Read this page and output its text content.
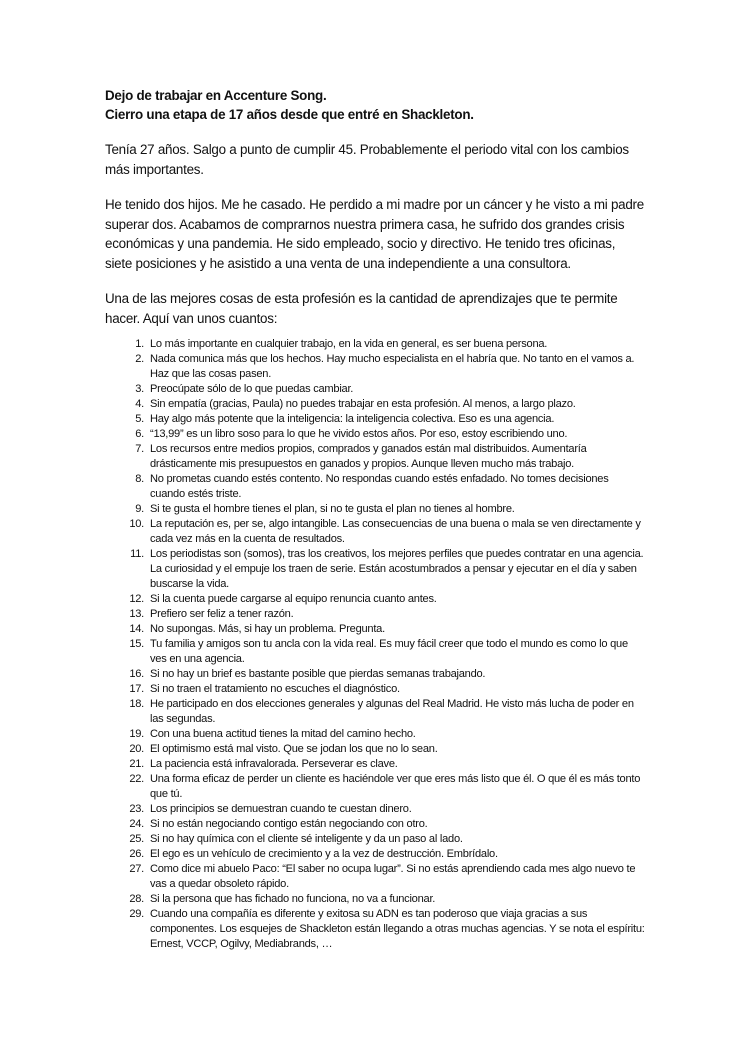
Dejo de trabajar en Accenture Song.

Cierro una etapa de 17 años desde que entré en Shackleton.

Tenía 27 años. Salgo a punto de cumplir 45. Probablemente el periodo vital con los cambios más importantes.

He tenido dos hijos. Me he casado. He perdido a mi madre por un cáncer y he visto a mi padre superar dos. Acabamos de comprarnos nuestra primera casa, he sufrido dos grandes crisis económicas y una pandemia. He sido empleado, socio y directivo. He tenido tres oficinas, siete posiciones y he asistido a una venta de una independiente a una consultora.

Una de las mejores cosas de esta profesión es la cantidad de aprendizajes que te permite hacer. Aquí van unos cuantos:

1. Lo más importante en cualquier trabajo, en la vida en general, es ser buena persona.
2. Nada comunica más que los hechos. Hay mucho especialista en el habría que. No tanto en el vamos a. Haz que las cosas pasen.
3. Preocúpate sólo de lo que puedas cambiar.
4. Sin empatía (gracias, Paula) no puedes trabajar en esta profesión. Al menos, a largo plazo.
5. Hay algo más potente que la inteligencia: la inteligencia colectiva. Eso es una agencia.
6. “13,99” es un libro soso para lo que he vivido estos años. Por eso, estoy escribiendo uno.
7. Los recursos entre medios propios, comprados y ganados están mal distribuidos. Aumentaría drásticamente mis presupuestos en ganados y propios. Aunque lleven mucho más trabajo.
8. No prometas cuando estés contento. No respondas cuando estés enfadado. No tomes decisiones cuando estés triste.
9. Si te gusta el hombre tienes el plan, si no te gusta el plan no tienes al hombre.
10. La reputación es, per se, algo intangible. Las consecuencias de una buena o mala se ven directamente y cada vez más en la cuenta de resultados.
11. Los periodistas son (somos), tras los creativos, los mejores perfiles que puedes contratar en una agencia. La curiosidad y el empuje los traen de serie. Están acostumbrados a pensar y ejecutar en el día y saben buscarse la vida.
12. Si la cuenta puede cargarse al equipo renuncia cuanto antes.
13. Prefiero ser feliz a tener razón.
14. No supongas. Más, si hay un problema. Pregunta.
15. Tu familia y amigos son tu ancla con la vida real. Es muy fácil creer que todo el mundo es como lo que ves en una agencia.
16. Si no hay un brief es bastante posible que pierdas semanas trabajando.
17. Si no traen el tratamiento no escuches el diagnóstico.
18. He participado en dos elecciones generales y algunas del Real Madrid. He visto más lucha de poder en las segundas.
19. Con una buena actitud tienes la mitad del camino hecho.
20. El optimismo está mal visto. Que se jodan los que no lo sean.
21. La paciencia está infravalorada. Perseverar es clave.
22. Una forma eficaz de perder un cliente es haciéndole ver que eres más listo que él. O que él es más tonto que tú.
23. Los principios se demuestran cuando te cuestan dinero.
24. Si no están negociando contigo están negociando con otro.
25. Si no hay química con el cliente sé inteligente y da un paso al lado.
26. El ego es un vehículo de crecimiento y a la vez de destrucción. Embrídalo.
27. Como dice mi abuelo Paco: “El saber no ocupa lugar”. Si no estás aprendiendo cada mes algo nuevo te vas a quedar obsoleto rápido.
28. Si la persona que has fichado no funciona, no va a funcionar.
29. Cuando una compañía es diferente y exitosa su ADN es tan poderoso que viaja gracias a sus componentes. Los esquejes de Shackleton están llegando a otras muchas agencias. Y se nota el espíritu: Ernest, VCCP, Ogilvy, Mediabrands, …
